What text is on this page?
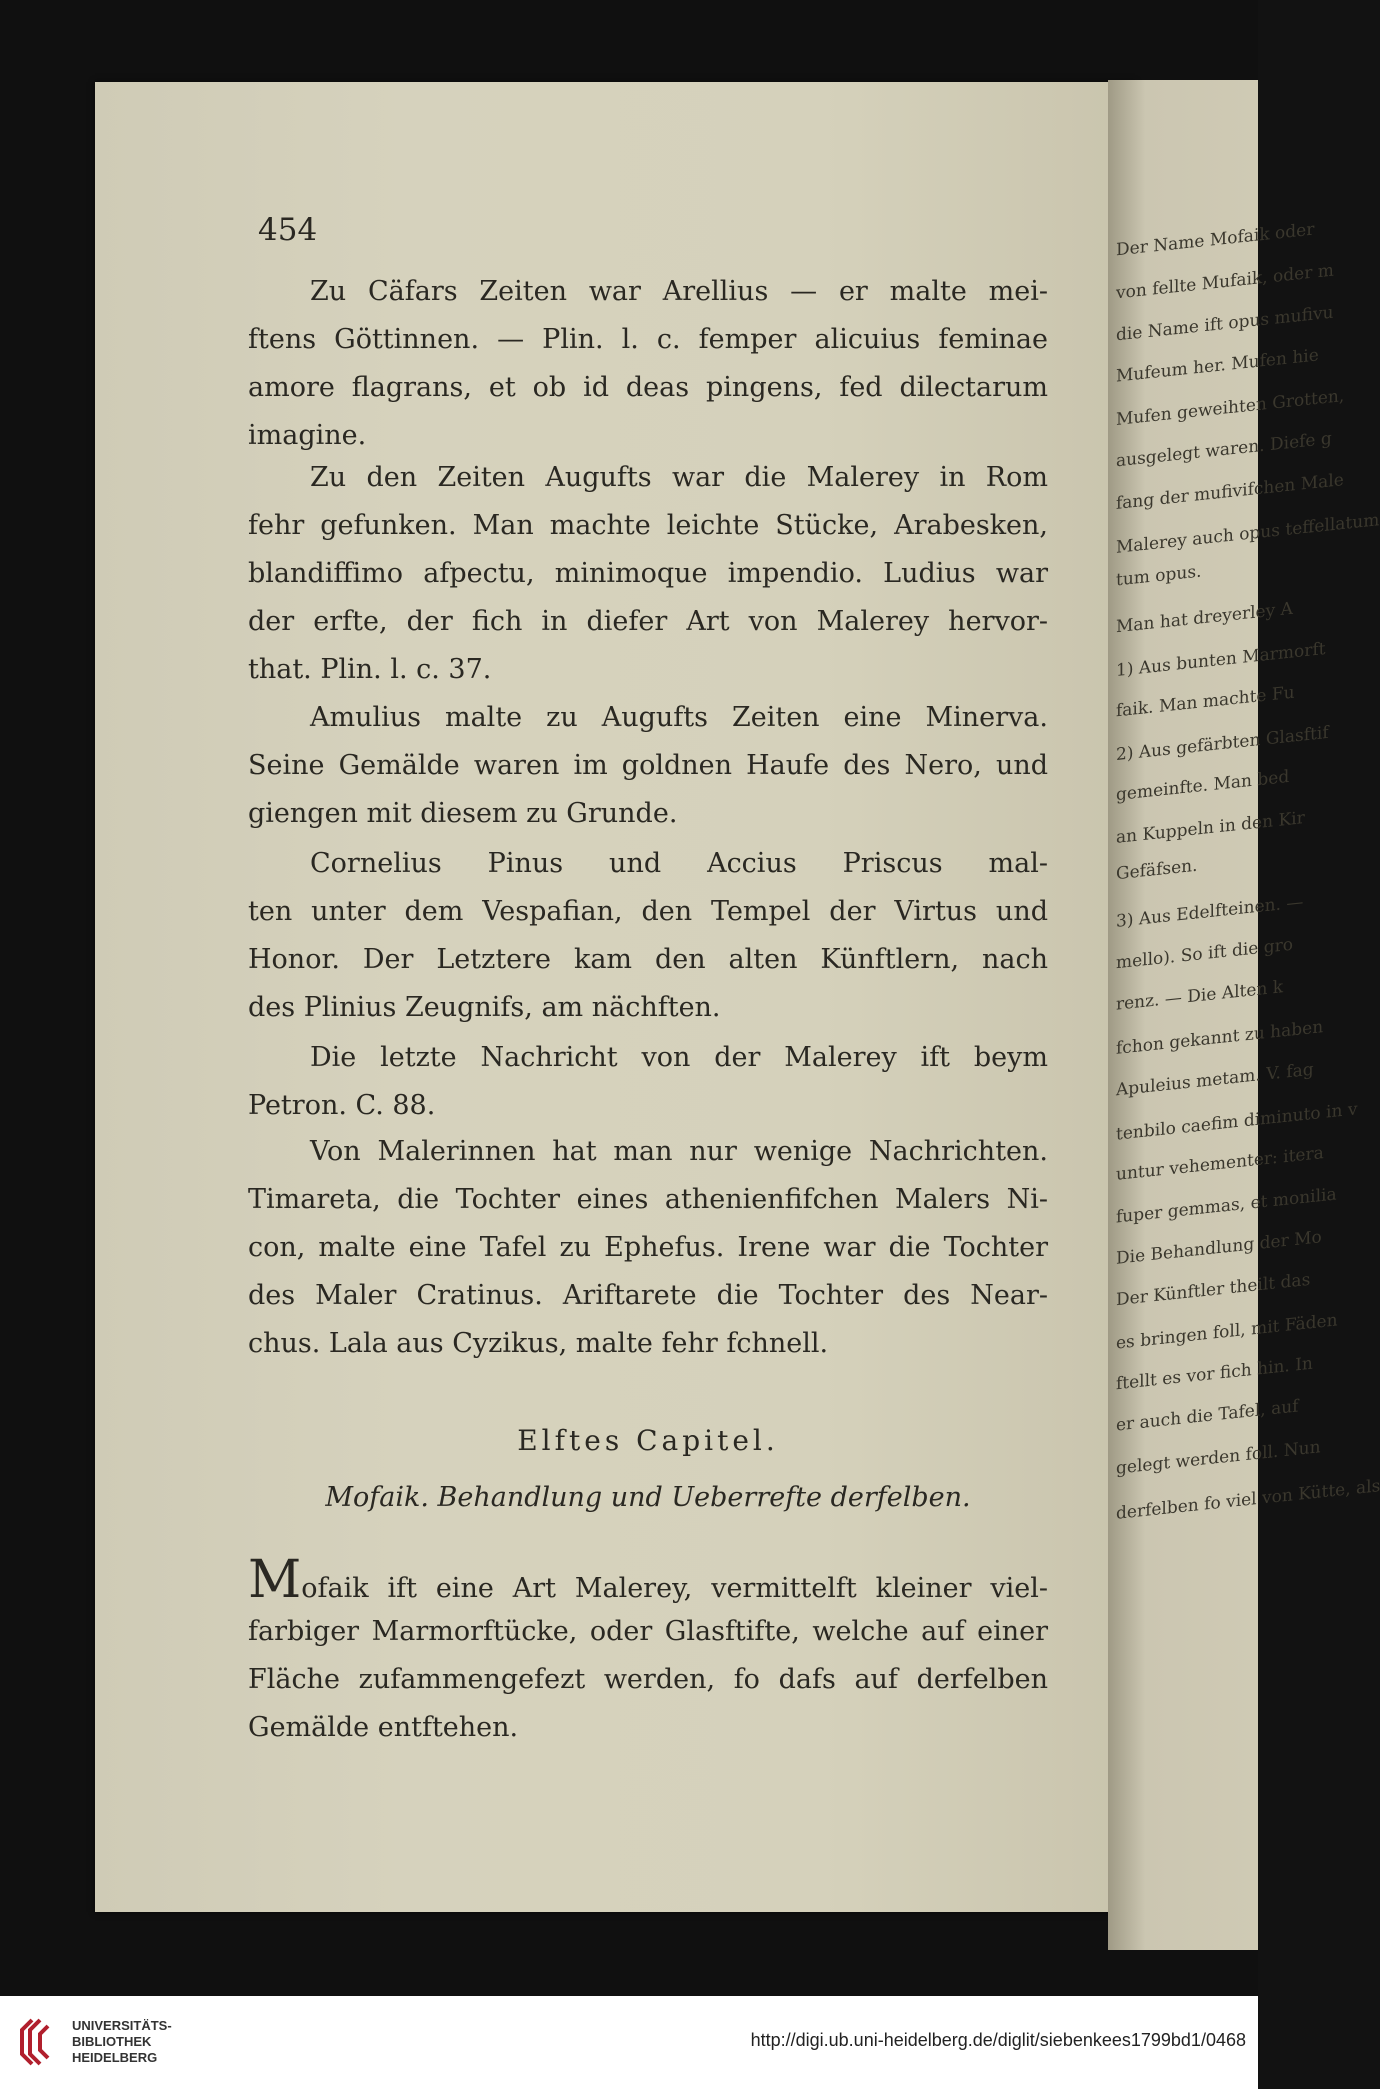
Der Name Mofaik oder
von fellte Mufaik, oder m
die Name ift opus mufivu
Mufeum her. Mufen hie
Mufen geweihten Grotten,
ausgelegt waren. Diefe g
fang der mufivifchen Male
Malerey auch opus teffellatum
tum opus.
Man hat dreyerley A
1) Aus bunten Marmorft
faik. Man machte Fu
2) Aus gefärbten Glasftif
gemeinfte. Man bed
an Kuppeln in den Kir
Gefäfsen.
3) Aus Edelfteinen. —
mello). So ift die gro
renz. — Die Alten k
fchon gekannt zu haben
Apuleius metam. V. fag
tenbilo caefim diminuto in v
untur vehementer: itera
fuper gemmas, et monilia
Die Behandlung der Mo
Der Künftler theilt das
es bringen foll, mit Fäden
ftellt es vor fich hin. In
er auch die Tafel, auf
gelegt werden foll. Nun
derfelben fo viel von Kütte, als
454
Zu Cäfars Zeiten war Arellius — er malte mei-
ftens Göttinnen. — Plin. l. c. femper alicuius feminae
amore flagrans, et ob id deas pingens, fed dilectarum
imagine.
Zu den Zeiten Augufts war die Malerey in Rom
fehr gefunken. Man machte leichte Stücke, Arabesken,
blandiffimo afpectu, minimoque impendio. Ludius war
der erfte, der fich in diefer Art von Malerey hervor-
that. Plin. l. c. 37.
Amulius malte zu Augufts Zeiten eine Minerva.
Seine Gemälde waren im goldnen Haufe des Nero, und
giengen mit diesem zu Grunde.
Cornelius Pinus und Accius Priscus mal-
ten unter dem Vespafian, den Tempel der Virtus und
Honor. Der Letztere kam den alten Künftlern, nach
des Plinius Zeugnifs, am nächften.
Die letzte Nachricht von der Malerey ift beym
Petron. C. 88.
Von Malerinnen hat man nur wenige Nachrichten.
Timareta, die Tochter eines athenienfifchen Malers Ni-
con, malte eine Tafel zu Ephefus. Irene war die Tochter
des Maler Cratinus. Ariftarete die Tochter des Near-
chus. Lala aus Cyzikus, malte fehr fchnell.
Elftes Capitel.
Mofaik. Behandlung und Ueberrefte derfelben.
Mofaik ift eine Art Malerey, vermittelft kleiner viel-
farbiger Marmorftücke, oder Glasftifte, welche auf einer
Fläche zufammengefezt werden, fo dafs auf derfelben
Gemälde entftehen.
UNIVERSITÄTS-
BIBLIOTHEK
HEIDELBERG
http://digi.ub.uni-heidelberg.de/diglit/siebenkees1799bd1/0468
